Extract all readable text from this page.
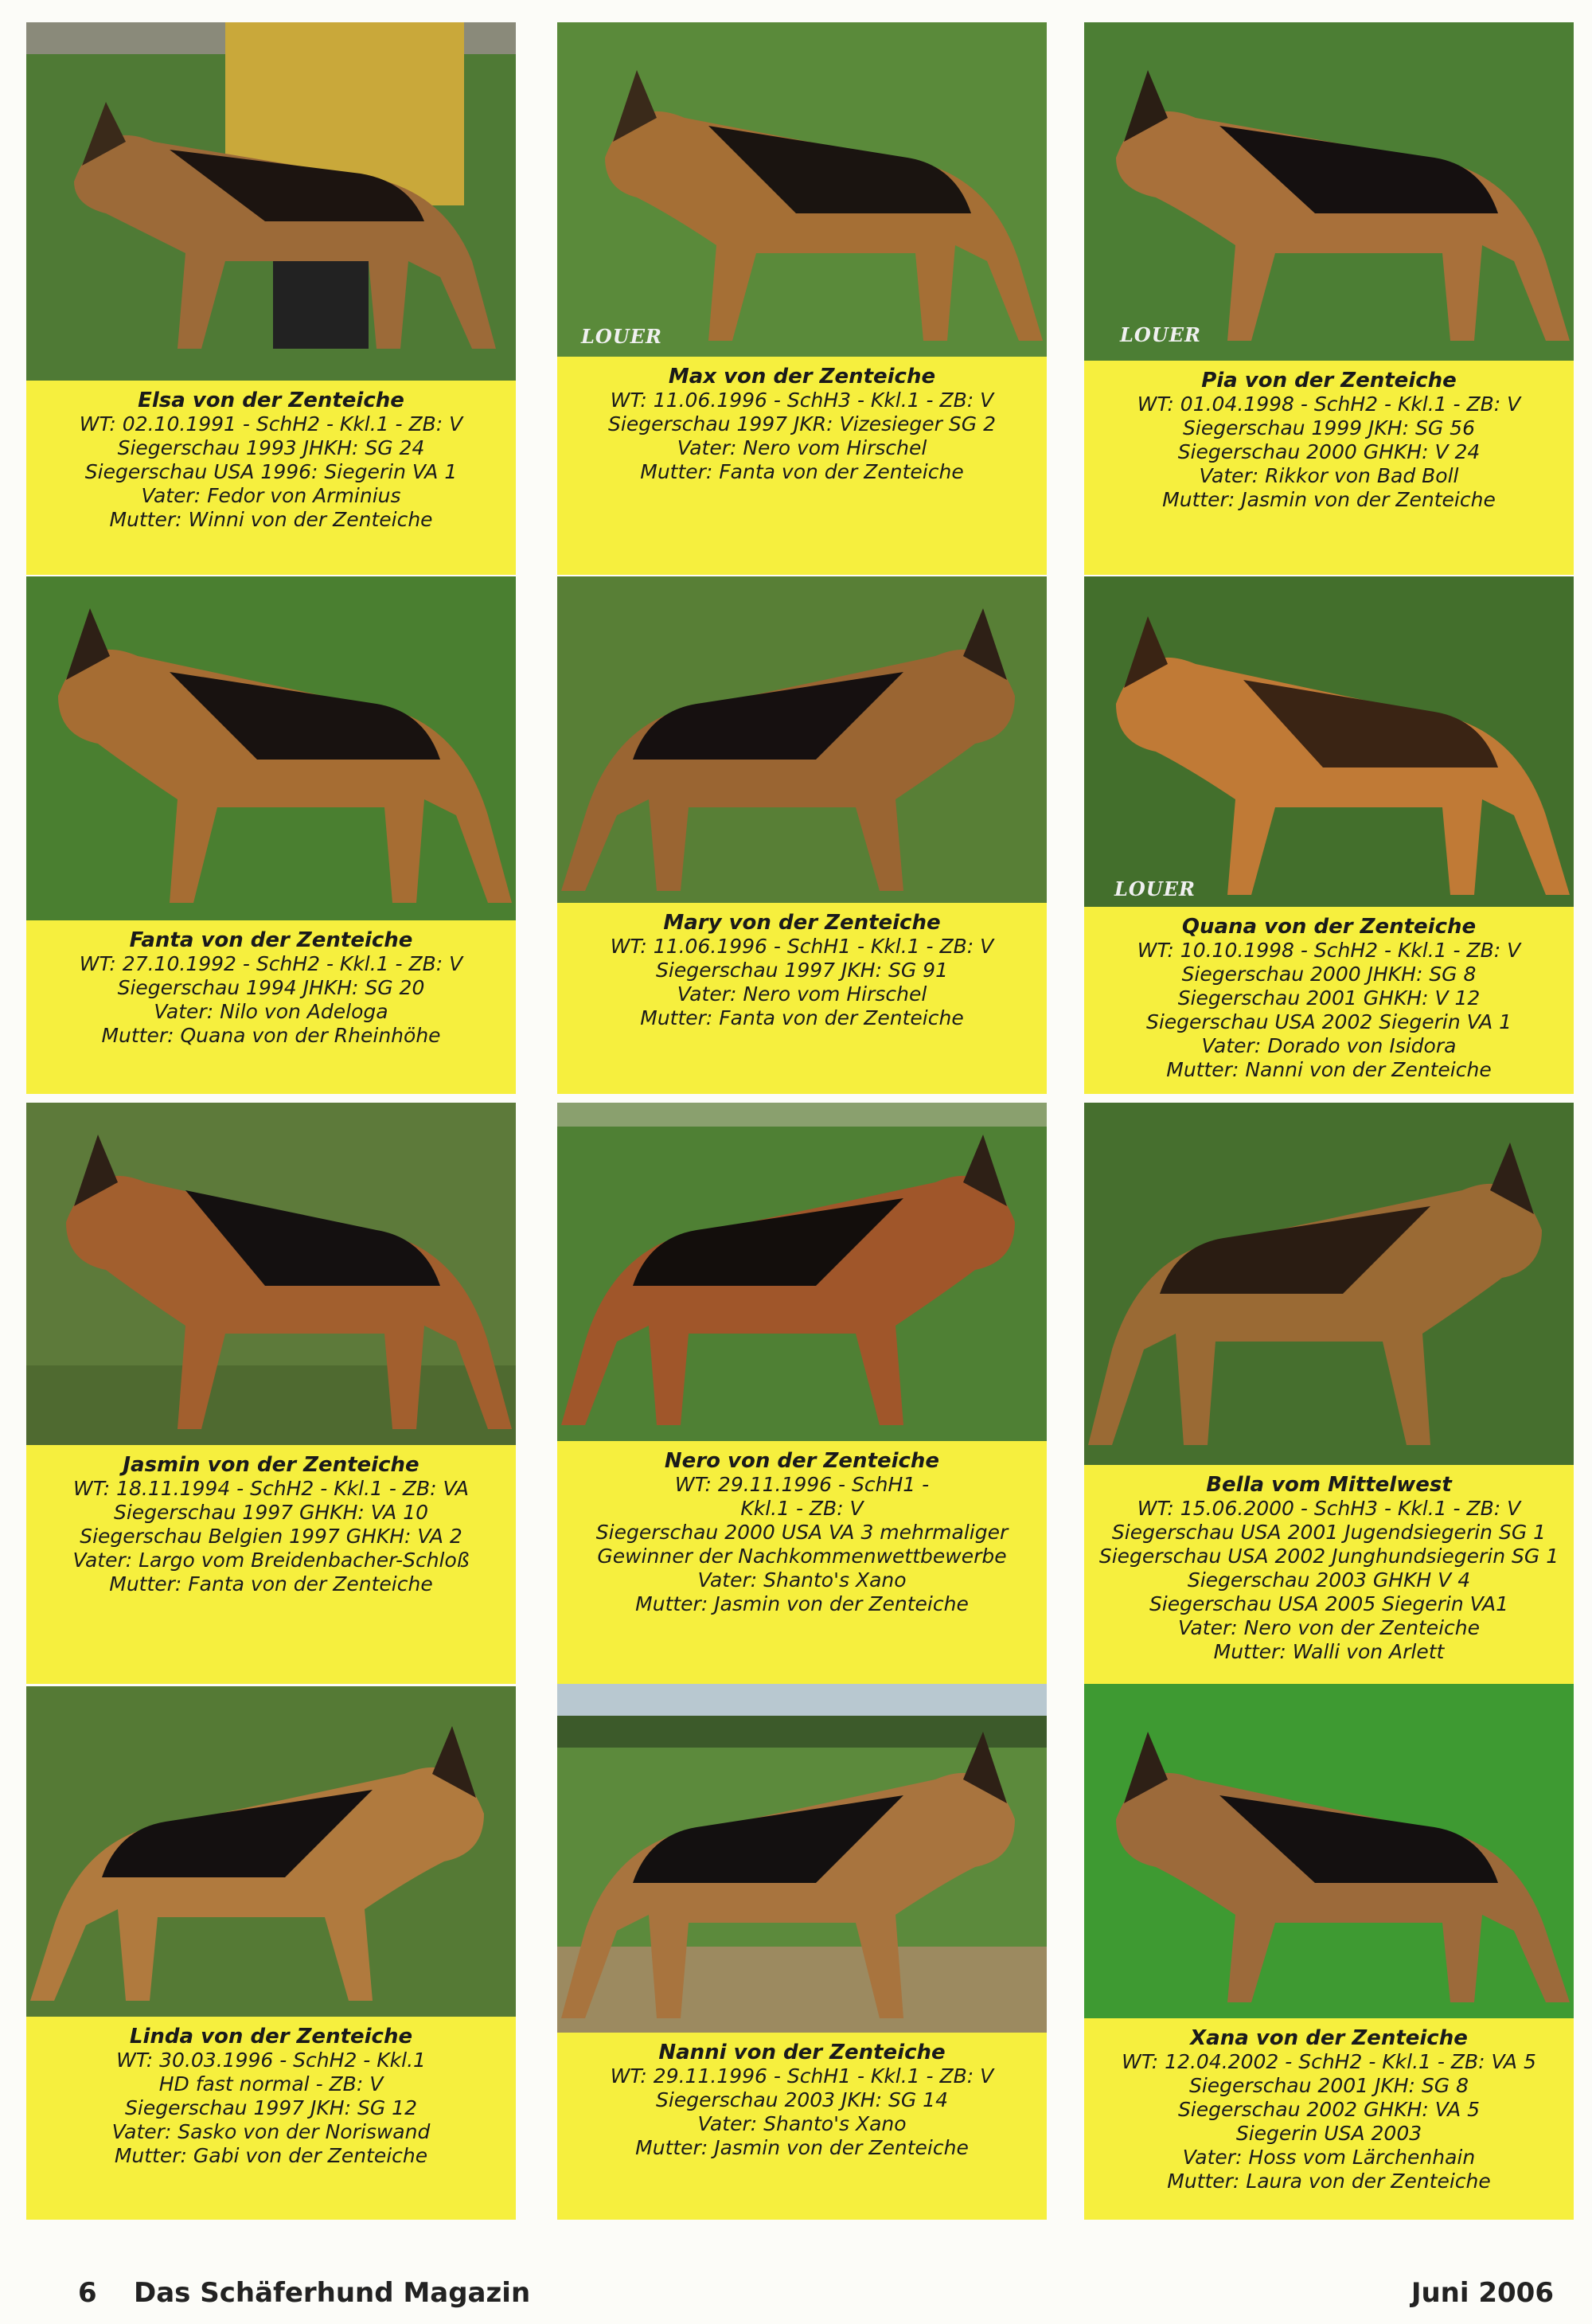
Elsa von der Zenteiche
WT: 02.10.1991 - SchH2 - Kkl.1 - ZB: V
Siegerschau 1993 JHKH: SG 24
Siegerschau USA 1996: Siegerin VA 1
Vater: Fedor von Arminius
Mutter: Winni von der Zenteiche
LOUER
Max von der Zenteiche
WT: 11.06.1996 - SchH3 - Kkl.1 - ZB: V
Siegerschau 1997 JKR: Vizesieger SG 2
Vater: Nero vom Hirschel
Mutter: Fanta von der Zenteiche
LOUER
Pia von der Zenteiche
WT: 01.04.1998 - SchH2 - Kkl.1 - ZB: V
Siegerschau 1999 JKH: SG 56
Siegerschau 2000 GHKH: V 24
Vater: Rikkor von Bad Boll
Mutter: Jasmin von der Zenteiche
Fanta von der Zenteiche
WT: 27.10.1992 - SchH2 - Kkl.1 - ZB: V
Siegerschau 1994 JHKH: SG 20
Vater: Nilo von Adeloga
Mutter: Quana von der Rheinhöhe
Mary von der Zenteiche
WT: 11.06.1996 - SchH1 - Kkl.1 - ZB: V
Siegerschau 1997 JKH: SG 91
Vater: Nero vom Hirschel
Mutter: Fanta von der Zenteiche
LOUER
Quana von der Zenteiche
WT: 10.10.1998 - SchH2 - Kkl.1 - ZB: V
Siegerschau 2000 JHKH: SG 8
Siegerschau 2001 GHKH: V 12
Siegerschau USA 2002 Siegerin VA 1
Vater: Dorado von Isidora
Mutter: Nanni von der Zenteiche
Jasmin von der Zenteiche
WT: 18.11.1994 - SchH2 - Kkl.1 - ZB: VA
Siegerschau 1997 GHKH: VA 10
Siegerschau Belgien 1997 GHKH: VA 2
Vater: Largo vom Breidenbacher-Schloß
Mutter: Fanta von der Zenteiche
Nero von der Zenteiche
WT: 29.11.1996 - SchH1 -
Kkl.1 - ZB: V
Siegerschau 2000 USA VA 3 mehrmaliger
Gewinner der Nachkommenwettbewerbe
Vater: Shanto's Xano
Mutter: Jasmin von der Zenteiche
Bella vom Mittelwest
WT: 15.06.2000 - SchH3 - Kkl.1 - ZB: V
Siegerschau USA 2001 Jugendsiegerin SG 1
Siegerschau USA 2002 Junghundsiegerin SG 1
Siegerschau 2003 GHKH V 4
Siegerschau USA 2005 Siegerin VA1
Vater: Nero von der Zenteiche
Mutter: Walli von Arlett
Linda von der Zenteiche
WT: 30.03.1996 - SchH2 - Kkl.1
HD fast normal - ZB: V
Siegerschau 1997 JKH: SG 12
Vater: Sasko von der Noriswand
Mutter: Gabi von der Zenteiche
Nanni von der Zenteiche
WT: 29.11.1996 - SchH1 - Kkl.1 - ZB: V
Siegerschau 2003 JKH: SG 14
Vater: Shanto's Xano
Mutter: Jasmin von der Zenteiche
Xana von der Zenteiche
WT: 12.04.2002 - SchH2 - Kkl.1 - ZB: VA 5
Siegerschau 2001 JKH: SG 8
Siegerschau 2002 GHKH: VA 5
Siegerin USA 2003
Vater: Hoss vom Lärchenhain
Mutter: Laura von der Zenteiche
6 Das Schäferhund Magazin	Juni 2006
